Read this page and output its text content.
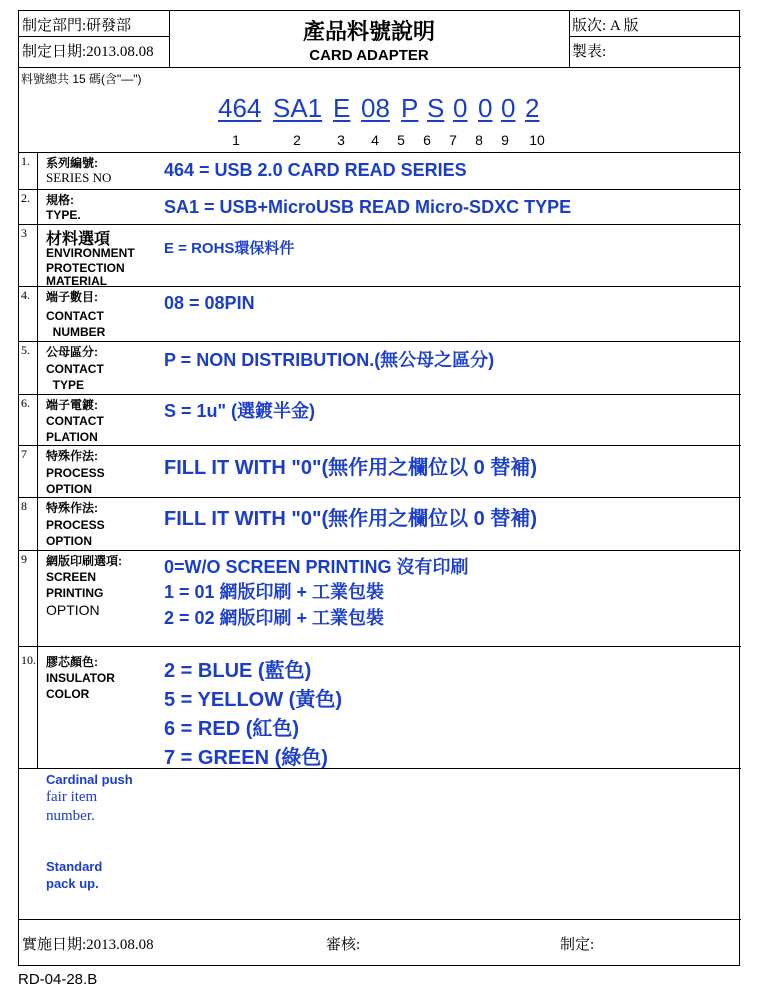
制定部門:研發部
制定日期:2013.08.08
產品料號說明
CARD ADAPTER
版次: A 版
製表:
料號總共 15 碼(含"—")
464 SA1 E 08 P S 0 0 0 2
1	2	3	4	5	6	7	8	9	10
1. 系列編號:
SERIES NO	464 = USB 2.0 CARD READ SERIES
2. 規格:
TYPE.	SA1 = USB+MicroUSB READ Micro-SDXC TYPE
3 材料選項
ENVIRONMENT
PROTECTION
MATERIAL
E = ROHS環保料件
4. 端子數目:
CONTACT
NUMBER
08 = 08PIN
5. 公母區分:
CONTACT
TYPE
P = NON DISTRIBUTION.(無公母之區分)
6. 端子電鍍:
CONTACT
PLATION
S = 1u" (選鍍半金)
7 特殊作法:
PROCESS
OPTION
FILL IT WITH "0"(無作用之欄位以 0 替補)
8 特殊作法:
PROCESS
OPTION
FILL IT WITH "0"(無作用之欄位以 0 替補)
9 網版印刷選項:
SCREEN
PRINTING
OPTION
0=W/O SCREEN PRINTING 沒有印刷
1 = 01 網版印刷 + 工業包裝
2 = 02 網版印刷 + 工業包裝
10. 膠芯顏色:
INSULATOR
COLOR
2 = BLUE (藍色)
5 = YELLOW (黃色)
6 = RED (紅色)
7 = GREEN (綠色)
Cardinal push
fair item
number.
Standard
pack up.
實施日期:2013.08.08	審核:	制定:
RD-04-28.B
